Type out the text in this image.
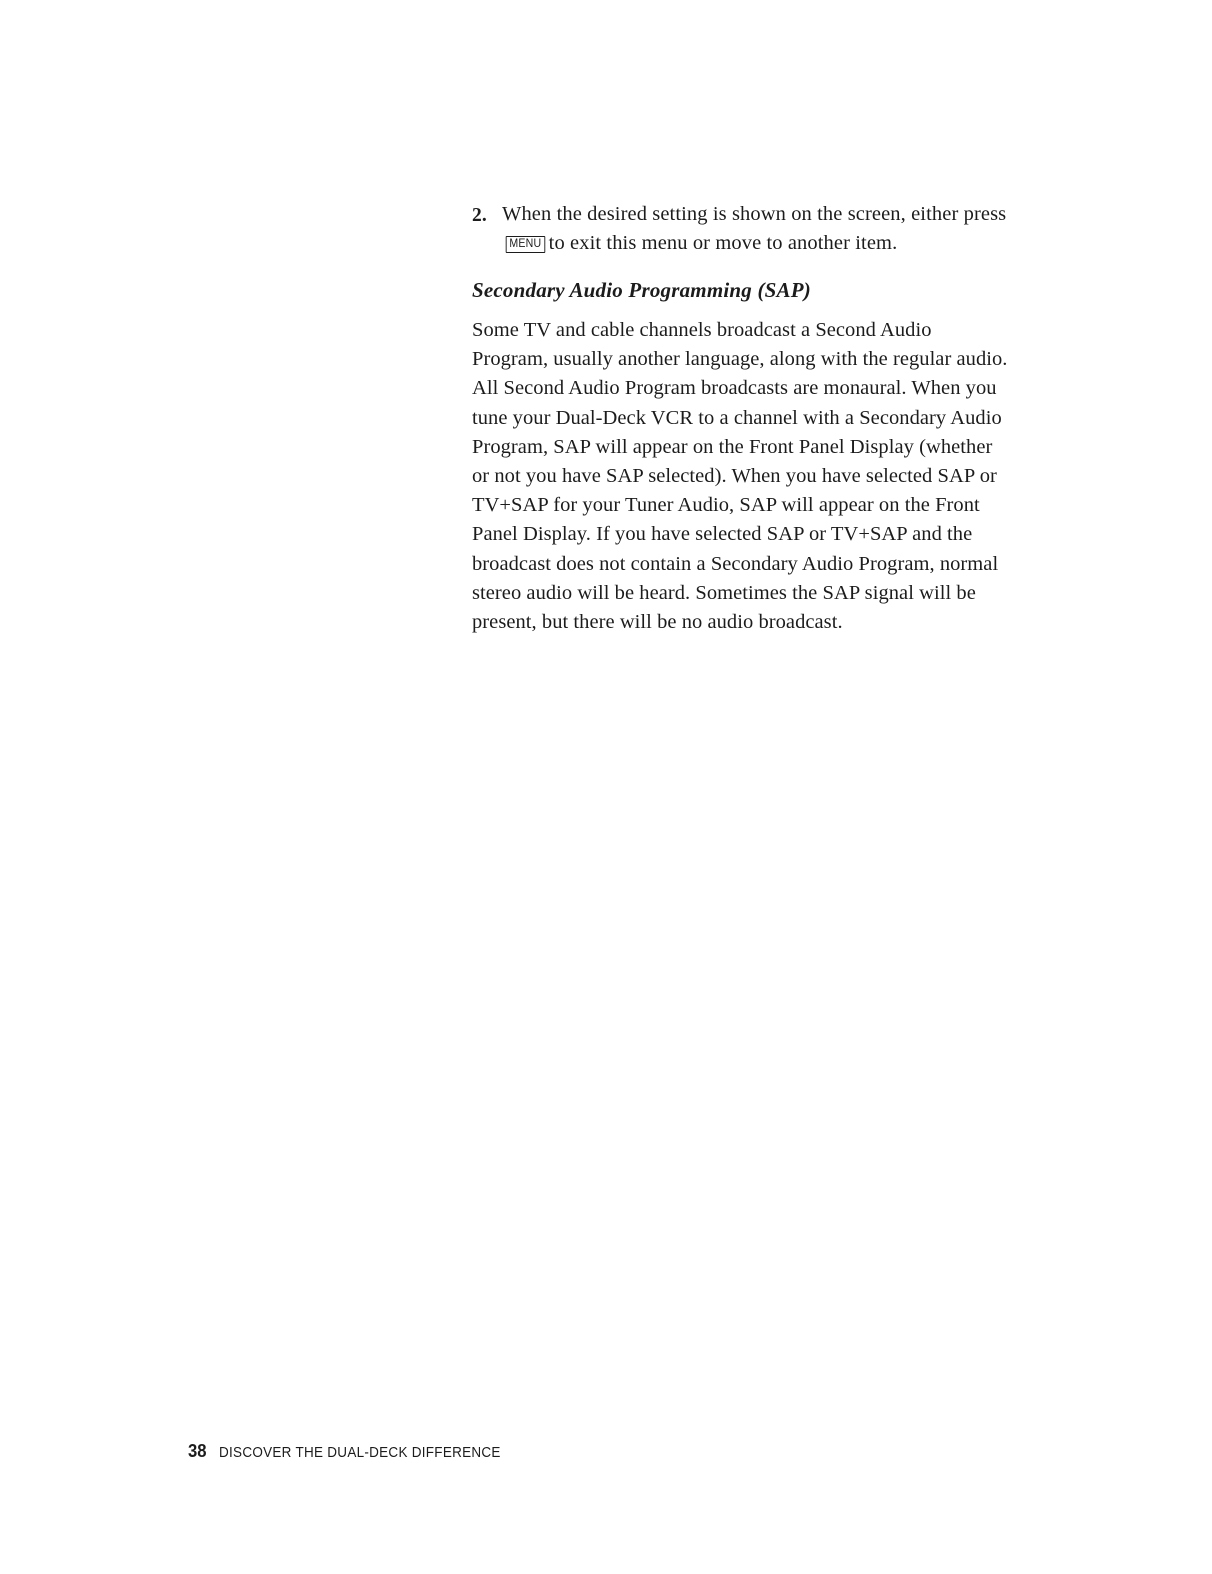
2. When the desired setting is shown on the screen, either pressMENU to exit this menu or move to another item.
Secondary Audio Programming (SAP)
Some TV and cable channels broadcast a Second Audio Program, usually another language, along with the regular audio. All Second Audio Program broadcasts are monaural. When you tune your Dual-Deck VCR to a channel with a Secondary Audio Program, SAP will appear on the Front Panel Display (whether or not you have SAP selected). When you have selected SAP or TV+SAP for your Tuner Audio, SAP will appear on the Front Panel Display. If you have selected SAP or TV+SAP and the broadcast does not contain a Secondary Audio Program, normal stereo audio will be heard. Sometimes the SAP signal will be present, but there will be no audio broadcast.
38 DISCOVER THE DUAL-DECK DIFFERENCE
